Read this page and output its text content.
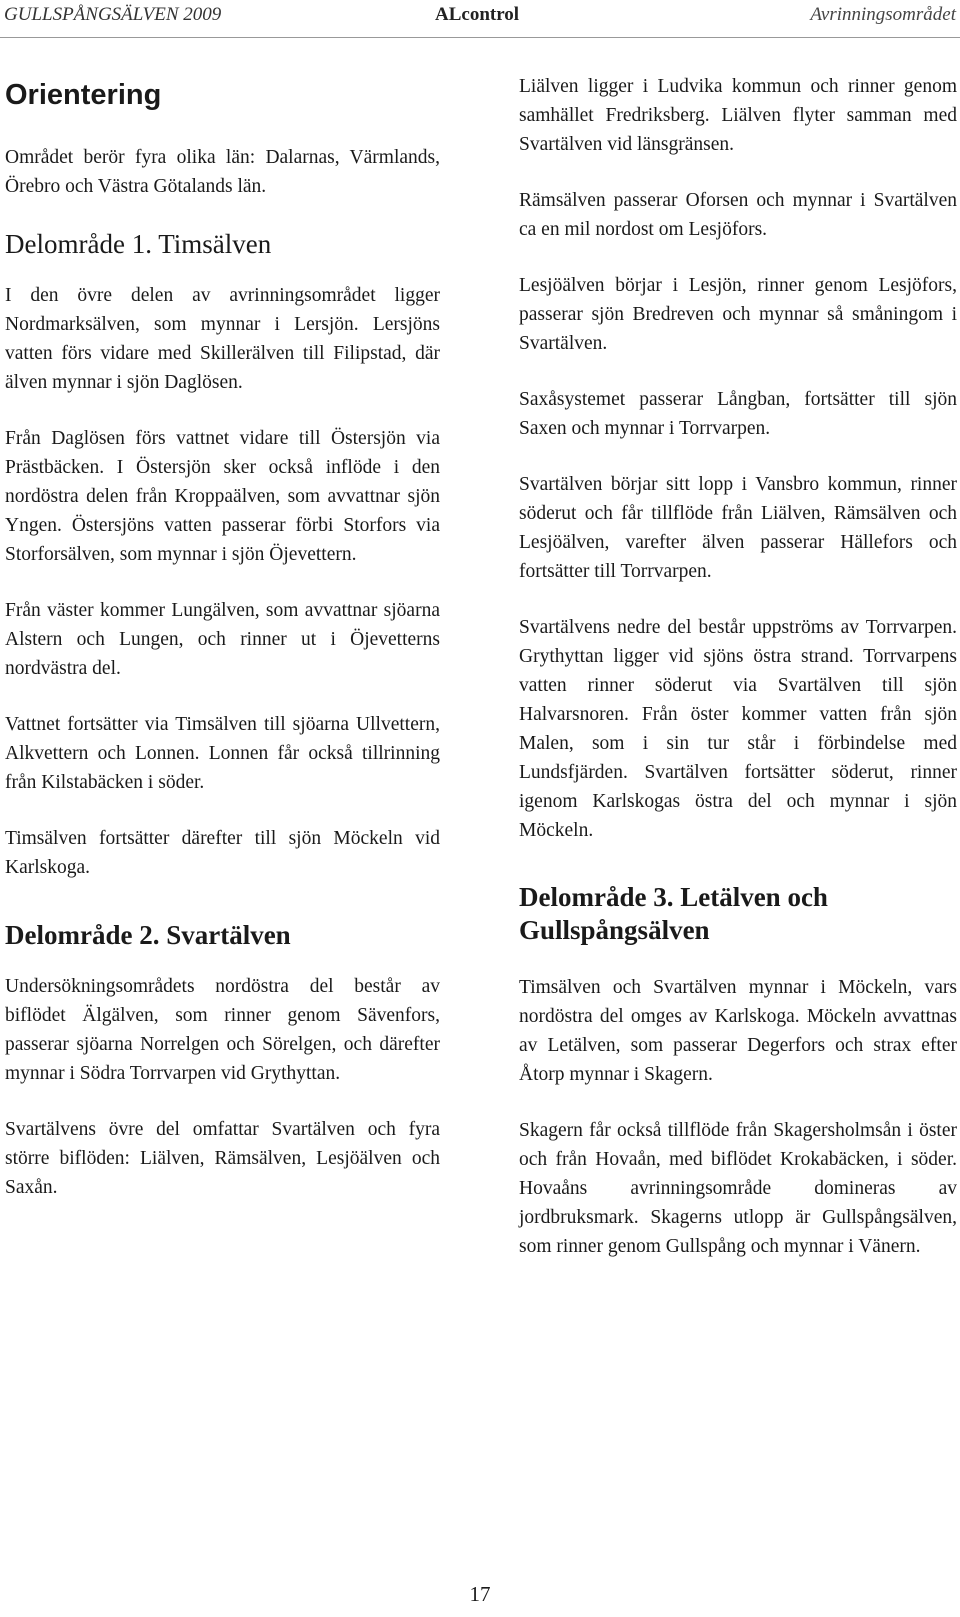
GULLSPÅNGSÄLVEN 2009	ALcontrol	Avrinningsområdet
Orientering

Området berör fyra olika län: Dalarnas, Värmlands, Örebro och Västra Götalands län.

Delområde 1. Timsälven

I den övre delen av avrinningsområdet ligger Nordmarksälven, som mynnar i Lersjön. Lersjöns vatten förs vidare med Skillerälven till Filipstad, där älven mynnar i sjön Daglösen.

Från Daglösen förs vattnet vidare till Östersjön via Prästbäcken. I Östersjön sker också inflöde i den nordöstra delen från Kroppaälven, som avvattnar sjön Yngen. Östersjöns vatten passerar förbi Storfors via Storforsälven, som mynnar i sjön Öjevettern.

Från väster kommer Lungälven, som avvattnar sjöarna Alstern och Lungen, och rinner ut i Öjevetterns nordvästra del.

Vattnet fortsätter via Timsälven till sjöarna Ullvettern, Alkvettern och Lonnen. Lonnen får också tillrinning från Kilstabäcken i söder.

Timsälven fortsätter därefter till sjön Möckeln vid Karlskoga.

Delområde 2. Svartälven

Undersökningsområdets nordöstra del består av biflödet Älgälven, som rinner genom Sävenfors, passerar sjöarna Norrelgen och Sörelgen, och därefter mynnar i Södra Torrvarpen vid Grythyttan.

Svartälvens övre del omfattar Svartälven och fyra större biflöden: Liälven, Rämsälven, Lesjöälven och Saxån.

Liälven ligger i Ludvika kommun och rinner genom samhället Fredriksberg. Liälven flyter samman med Svartälven vid länsgränsen.

Rämsälven passerar Oforsen och mynnar i Svartälven ca en mil nordost om Lesjöfors.

Lesjöälven börjar i Lesjön, rinner genom Lesjöfors, passerar sjön Bredreven och mynnar så småningom i Svartälven.

Saxåsystemet passerar Långban, fortsätter till sjön Saxen och mynnar i Torrvarpen.

Svartälven börjar sitt lopp i Vansbro kommun, rinner söderut och får tillflöde från Liälven, Rämsälven och Lesjöälven, varefter älven passerar Hällefors och fortsätter till Torrvarpen.

Svartälvens nedre del består uppströms av Torrvarpen. Grythyttan ligger vid sjöns östra strand. Torrvarpens vatten rinner söderut via Svartälven till sjön Halvarsnoren. Från öster kommer vatten från sjön Malen, som i sin tur står i förbindelse med Lundsfjärden. Svartälven fortsätter söderut, rinner igenom Karlskogas östra del och mynnar i sjön Möckeln.

Delområde 3. Letälven och Gullspångsälven

Timsälven och Svartälven mynnar i Möckeln, vars nordöstra del omges av Karlskoga. Möckeln avvattnas av Letälven, som passerar Degerfors och strax efter Åtorp mynnar i Skagern.

Skagern får också tillflöde från Skagersholmsån i öster och från Hovaån, med biflödet Krokabäcken, i söder. Hovaåns avrinningsområde domineras av jordbruksmark. Skagerns utlopp är Gullspångsälven, som rinner genom Gullspång och mynnar i Vänern.

17
